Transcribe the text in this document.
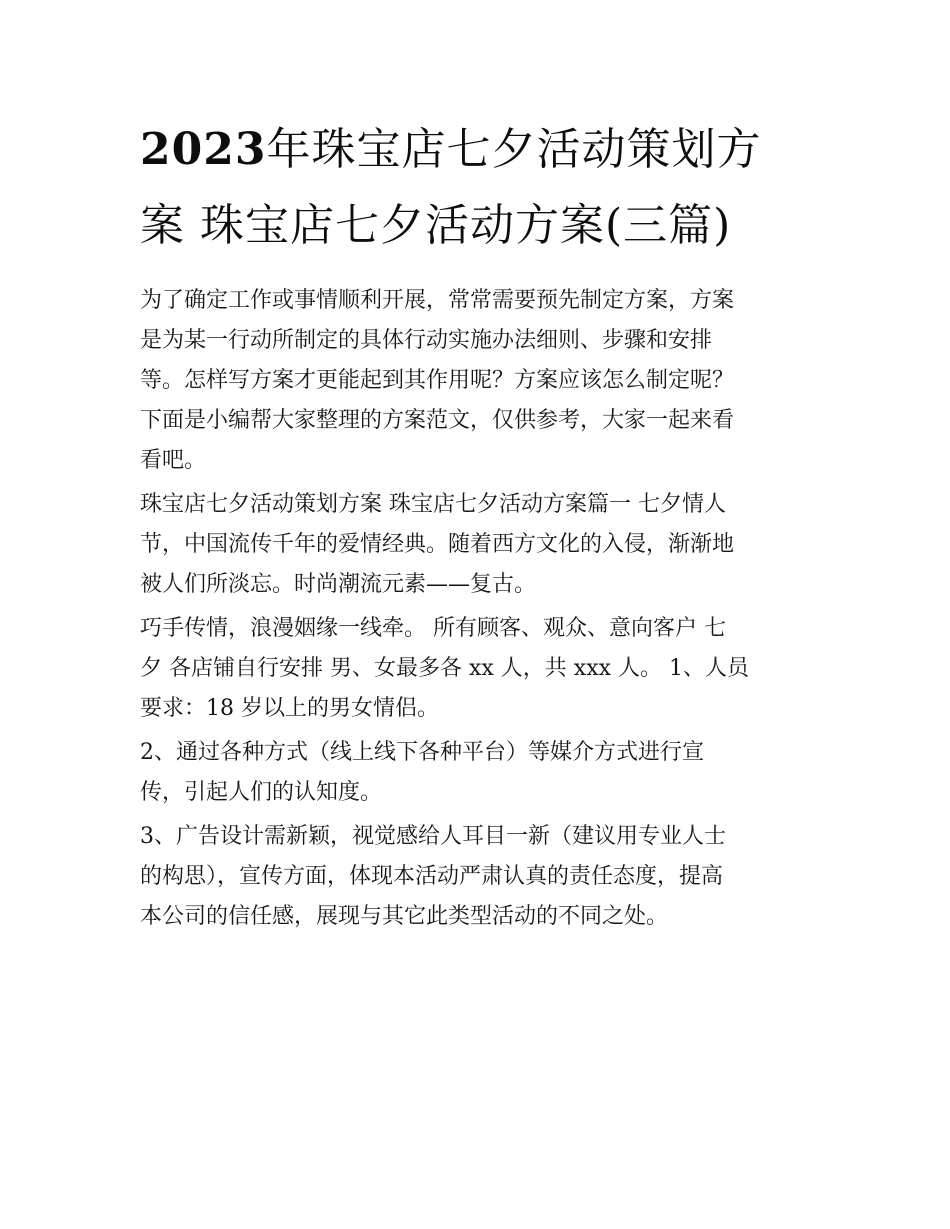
2023年珠宝店七夕活动策划方
案 珠宝店七夕活动方案(三篇)

为了确定工作或事情顺利开展，常常需要预先制定方案，方案
是为某一行动所制定的具体行动实施办法细则、步骤和安排
等。怎样写方案才更能起到其作用呢？方案应该怎么制定呢？
下面是小编帮大家整理的方案范文，仅供参考，大家一起来看
看吧。

珠宝店七夕活动策划方案 珠宝店七夕活动方案篇一 七夕情人
节，中国流传千年的爱情经典。随着西方文化的入侵，渐渐地
被人们所淡忘。时尚潮流元素——复古。

巧手传情，浪漫姻缘一线牵。 所有顾客、观众、意向客户 七
夕 各店铺自行安排 男、女最多各 xx 人，共 xxx 人。 1、人员
要求：18 岁以上的男女情侣。

2、通过各种方式（线上线下各种平台）等媒介方式进行宣
传，引起人们的认知度。

3、广告设计需新颖，视觉感给人耳目一新（建议用专业人士
的构思），宣传方面，体现本活动严肃认真的责任态度，提高
本公司的信任感，展现与其它此类型活动的不同之处。
